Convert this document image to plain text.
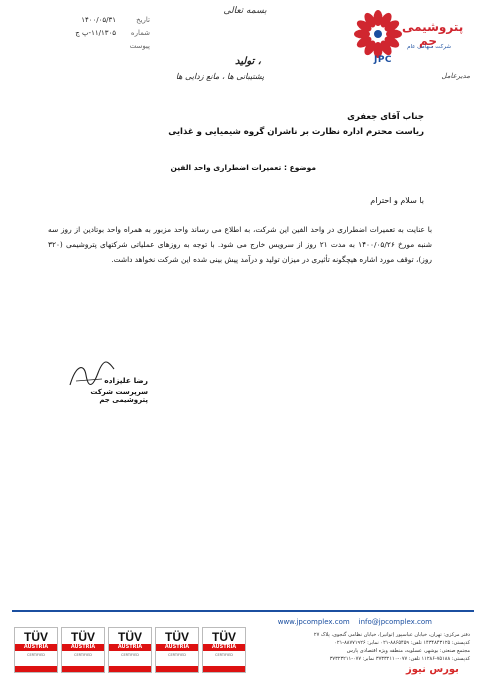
تاریخ
۱۴۰۰/۰۵/۳۱
شماره
۱۱/۱۳۰۵-پ ج
پیوست
بسمه تعالی
تولید ،
پشتیبانی ها ، مانع زدایی ها
پتروشیمی جم
شرکت سهامی عام
JPC
مدیرعامل
جناب آقای جعفری
ریاست محترم اداره نظارت بر ناشران گروه شیمیایی و غذایی
موضوع : تعمیرات اضطراری واحد الفین
با سلام و احترام
با عنایت به تعمیرات اضطراری در واحد الفین این شرکت، به اطلاع می رساند واحد مزبور به همراه واحد بوتادین از روز سه شنبه مورخ ۱۴۰۰/۰۵/۲۶ به مدت ۲۱ روز از سرویس خارج می شود. با توجه به روزهای عملیاتی شرکتهای پتروشیمی (۳۲۰ روز)، توقف مورد اشاره هیچگونه تأثیری در میزان تولید و درآمد پیش بینی شده این شرکت نخواهد داشت.
رضا علیزاده
سرپرست شرکت پتروشیمی جم
www.jpcomplex.com info@jpcomplex.com
دفتر مرکزی: تهران، خیابان عباسپور (توانیر)، خیابان نظامی گنجوی، پلاک ۲۷
کدپستی: ۱۴۳۴۸۴۳۱۲۵ تلفن: ۸۸۶۵۴۵۹-۰۲۱ نمابر: ۸۸۷۷۱۹۲۶-۰۲۱
مجتمع صنعتی: بوشهر، عسلویه، منطقه ویژه اقتصادی پارس
کدپستی: ۷۵۱۸۸-۱۱۲۸۶ تلفن: ۰۷۷-۳۷۳۳۲۱۱۰ نمابر: ۰۷۷-۳۷۳۲۳۲۱۱
TÜV
AUSTRIA
CERTIFIED
TÜV
AUSTRIA
CERTIFIED
TÜV
AUSTRIA
CERTIFIED
TÜV
AUSTRIA
CERTIFIED
TÜV
AUSTRIA
CERTIFIED
بورس نیوز
